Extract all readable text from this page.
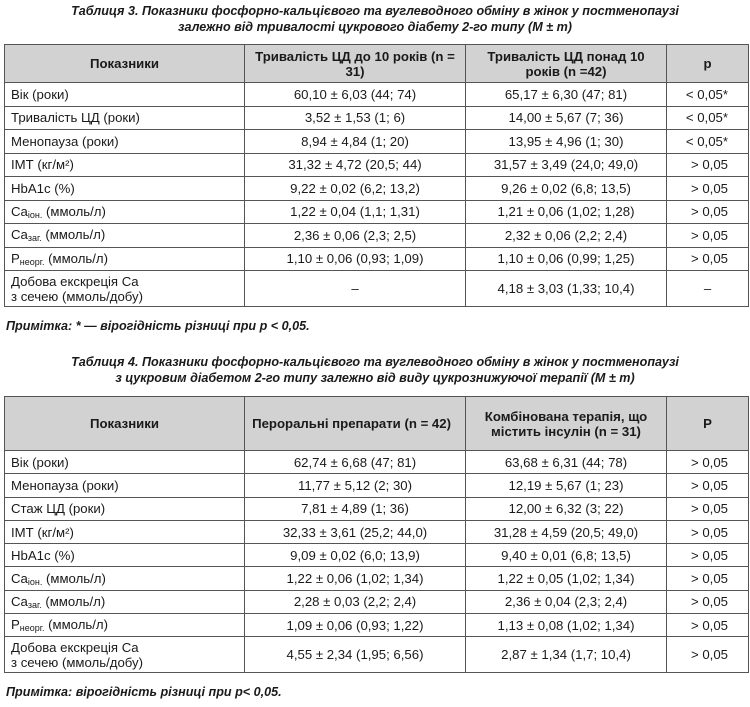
Таблиця 3. Показники фосфорно-кальцієвого та вуглеводного обміну в жінок у постменопаузі
залежно від тривалості цукрового діабету 2-го типу (M ± m)

Показники	Тривалість ЦД до 10 років (n = 31)	Тривалість ЦД понад 10 років (n =42)	p
Вік (роки)	60,10 ± 6,03 (44; 74)	65,17 ± 6,30 (47; 81)	< 0,05*
Тривалість ЦД (роки)	3,52 ± 1,53 (1; 6)	14,00 ± 5,67 (7; 36)	< 0,05*
Менопауза (роки)	8,94 ± 4,84 (1; 20)	13,95 ± 4,96 (1; 30)	< 0,05*
ІМТ (кг/м²)	31,32 ± 4,72 (20,5; 44)	31,57 ± 3,49 (24,0; 49,0)	> 0,05
HbA1c (%)	9,22 ± 0,02 (6,2; 13,2)	9,26 ± 0,02 (6,8; 13,5)	> 0,05
$Ca_{іон.}$ (ммоль/л)	1,22 ± 0,04 (1,1; 1,31)	1,21 ± 0,06 (1,02; 1,28)	> 0,05
$Ca_{заг.}$ (ммоль/л)	2,36 ± 0,06 (2,3; 2,5)	2,32 ± 0,06 (2,2; 2,4)	> 0,05
$P_{неорг.}$ (ммоль/л)	1,10 ± 0,06 (0,93; 1,09)	1,10 ± 0,06 (0,99; 1,25)	> 0,05
Добова екскреція Ca
з сечею (ммоль/добу)	–	4,18 ± 3,03 (1,33; 10,4)	–

Примітка: * — вірогідність різниці при p < 0,05.

Таблиця 4. Показники фосфорно-кальцієвого та вуглеводного обміну в жінок у постменопаузі
з цукровим діабетом 2-го типу залежно від виду цукрознижуючої терапії (M ± m)

Показники	Пероральні препарати (n = 42)	Комбінована терапія, що містить інсулін (n = 31)	P
Вік (роки)	62,74 ± 6,68 (47; 81)	63,68 ± 6,31 (44; 78)	> 0,05
Менопауза (роки)	11,77 ± 5,12 (2; 30)	12,19 ± 5,67 (1; 23)	> 0,05
Стаж ЦД (роки)	7,81 ± 4,89 (1; 36)	12,00 ± 6,32 (3; 22)	> 0,05
ІМТ (кг/м²)	32,33 ± 3,61 (25,2; 44,0)	31,28 ± 4,59 (20,5; 49,0)	> 0,05
HbA1c (%)	9,09 ± 0,02 (6,0; 13,9)	9,40 ± 0,01 (6,8; 13,5)	> 0,05
$Ca_{іон.}$ (ммоль/л)	1,22 ± 0,06 (1,02; 1,34)	1,22 ± 0,05 (1,02; 1,34)	> 0,05
$Ca_{заг.}$ (ммоль/л)	2,28 ± 0,03 (2,2; 2,4)	2,36 ± 0,04 (2,3; 2,4)	> 0,05
$P_{неорг.}$ (ммоль/л)	1,09 ± 0,06 (0,93; 1,22)	1,13 ± 0,08 (1,02; 1,34)	> 0,05
Добова екскреція Ca
з сечею (ммоль/добу)	4,55 ± 2,34 (1,95; 6,56)	2,87 ± 1,34 (1,7; 10,4)	> 0,05

Примітка: вірогідність різниці при p< 0,05.
